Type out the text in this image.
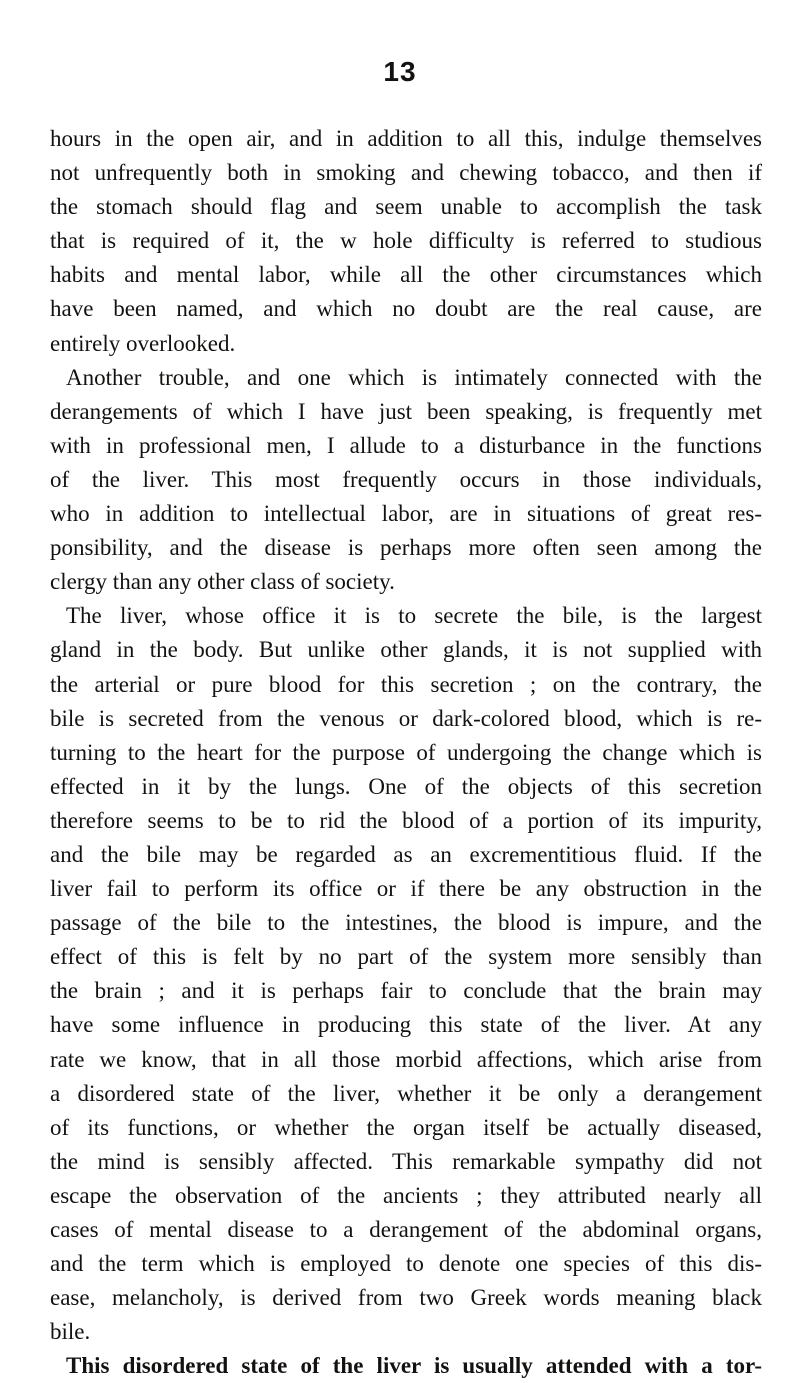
13
hours in the open air, and in addition to all this, indulge themselves
not unfrequently both in smoking and chewing tobacco, and then if
the stomach should flag and seem unable to accomplish the task
that is required of it, the w hole difficulty is referred to studious
habits and mental labor, while all the other circumstances which
have been named, and which no doubt are the real cause, are
entirely overlooked.
Another trouble, and one which is intimately connected with the
derangements of which I have just been speaking, is frequently met
with in professional men, I allude to a disturbance in the functions
of the liver. This most frequently occurs in those individuals,
who in addition to intellectual labor, are in situations of great res-
ponsibility, and the disease is perhaps more often seen among the
clergy than any other class of society.
The liver, whose office it is to secrete the bile, is the largest
gland in the body. But unlike other glands, it is not supplied with
the arterial or pure blood for this secretion ; on the contrary, the
bile is secreted from the venous or dark-colored blood, which is re-
turning to the heart for the purpose of undergoing the change which is
effected in it by the lungs. One of the objects of this secretion
therefore seems to be to rid the blood of a portion of its impurity,
and the bile may be regarded as an excrementitious fluid. If the
liver fail to perform its office or if there be any obstruction in the
passage of the bile to the intestines, the blood is impure, and the
effect of this is felt by no part of the system more sensibly than
the brain ; and it is perhaps fair to conclude that the brain may
have some influence in producing this state of the liver. At any
rate we know, that in all those morbid affections, which arise from
a disordered state of the liver, whether it be only a derangement
of its functions, or whether the organ itself be actually diseased,
the mind is sensibly affected. This remarkable sympathy did not
escape the observation of the ancients ; they attributed nearly all
cases of mental disease to a derangement of the abdominal organs,
and the term which is employed to denote one species of this dis-
ease, melancholy, is derived from two Greek words meaning black
bile.
This disordered state of the liver is usually attended with a tor-
